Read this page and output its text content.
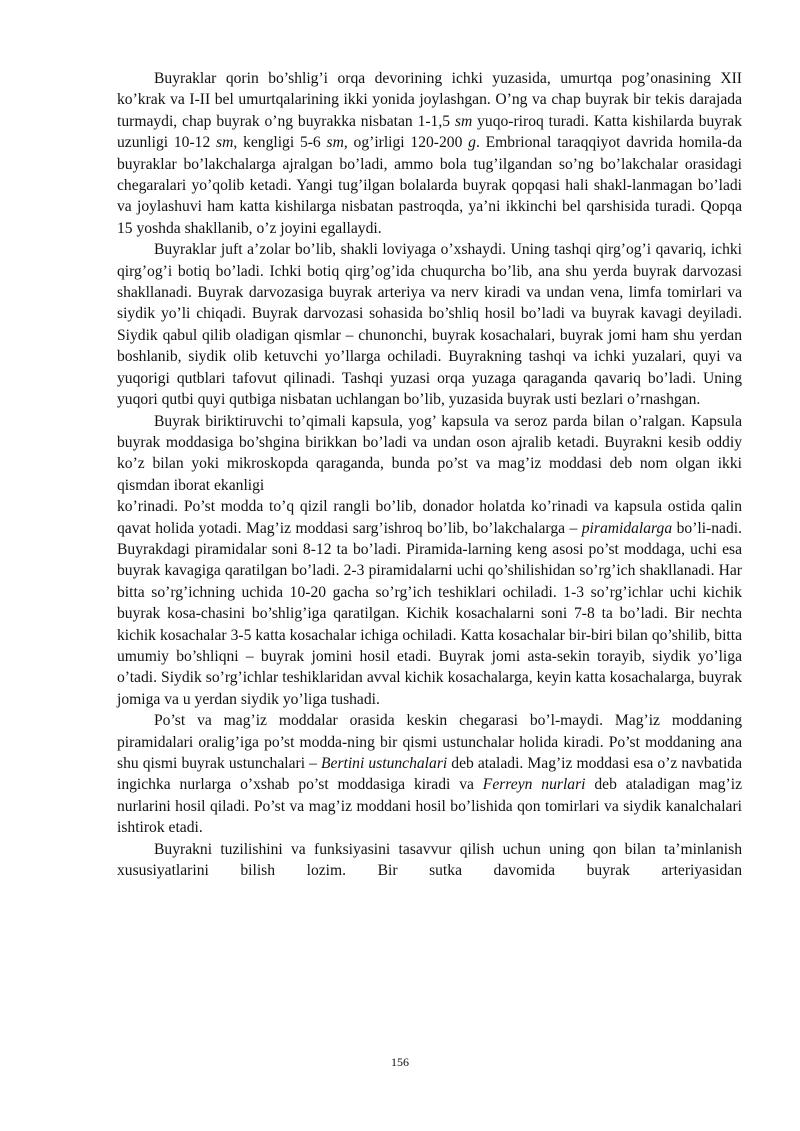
Buyraklar qorin bo’shlig’i orqa devorining ichki yuzasida, umurtqa pog’onasining XII ko’krak va I-II bel umurtqalarining ikki yonida joylashgan. O’ng va chap buyrak bir tekis darajada turmaydi, chap buyrak o’ng buyrakka nisbatan 1-1,5 sm yuqo-riroq turadi. Katta kishilarda buyrak uzunligi 10-12 sm, kengligi 5-6 sm, og’irligi 120-200 g. Embrional taraqqiyot davrida homila-da buyraklar bo’lakchalarga ajralgan bo’ladi, ammo bola tug’ilgandan so’ng bo’lakchalar orasidagi chegaralari yo’qolib ketadi. Yangi tug’ilgan bolalarda buyrak qopqasi hali shakl-lanmagan bo’ladi va joylashuvi ham katta kishilarga nisbatan pastroqda, ya’ni ikkinchi bel qarshisida turadi. Qopqa 15 yoshda shakllanib, o’z joyini egallaydi.

Buyraklar juft a’zolar bo’lib, shakli loviyaga o’xshaydi. Uning tashqi qirg’og’i qavariq, ichki qirg’og’i botiq bo’ladi. Ichki botiq qirg’og’ida chuqurcha bo’lib, ana shu yerda buyrak darvozasi shakllanadi. Buyrak darvozasiga buyrak arteriya va nerv kiradi va undan vena, limfa tomirlari va siydik yo’li chiqadi. Buyrak darvozasi sohasida bo’shliq hosil bo’ladi va buyrak kavagi deyiladi. Siydik qabul qilib oladigan qismlar – chunonchi, buyrak kosachalari, buyrak jomi ham shu yerdan boshlanib, siydik olib ketuvchi yo’llarga ochiladi. Buyrakning tashqi va ichki yuzalari, quyi va yuqorigi qutblari tafovut qilinadi. Tashqi yuzasi orqa yuzaga qaraganda qavariq bo’ladi. Uning yuqori qutbi quyi qutbiga nisbatan uchlangan bo’lib, yuzasida buyrak usti bezlari o’rnashgan.

Buyrak biriktiruvchi to’qimali kapsula, yog’ kapsula va seroz parda bilan o’ralgan. Kapsula buyrak moddasiga bo’shgina birikkan bo’ladi va undan oson ajralib ketadi. Buyrakni kesib oddiy ko’z bilan yoki mikroskopda qaraganda, bunda po’st va mag’iz moddasi deb nom olgan ikki qismdan iborat ekanligi

ko’rinadi. Po’st modda to’q qizil rangli bo’lib, donador holatda ko’rinadi va kapsula ostida qalin qavat holida yotadi. Mag’iz moddasi sarg’ishroq bo’lib, bo’lakchalarga – piramidalarga bo’li-nadi. Buyrakdagi piramidalar soni 8-12 ta bo’ladi. Piramida-larning keng asosi po’st moddaga, uchi esa buyrak kavagiga qaratilgan bo’ladi. 2-3 piramidalarni uchi qo’shilishidan so’rg’ich shakllanadi. Har bitta so’rg’ichning uchida 10-20 gacha so’rg’ich teshiklari ochiladi. 1-3 so’rg’ichlar uchi kichik buyrak kosa-chasini bo’shlig’iga qaratilgan. Kichik kosachalarni soni 7-8 ta bo’ladi. Bir nechta kichik kosachalar 3-5 katta kosachalar ichiga ochiladi. Katta kosachalar bir-biri bilan qo’shilib, bitta umumiy bo’shliqni – buyrak jomini hosil etadi. Buyrak jomi asta-sekin torayib, siydik yo’liga o’tadi. Siydik so’rg’ichlar teshiklaridan avval kichik kosachalarga, keyin katta kosachalarga, buyrak jomiga va u yerdan siydik yo’liga tushadi.

Po’st va mag’iz moddalar orasida keskin chegarasi bo’l-maydi. Mag’iz moddaning piramidalari oralig’iga po’st modda-ning bir qismi ustunchalar holida kiradi. Po’st moddaning ana shu qismi buyrak ustunchalari – Bertini ustunchalari deb ataladi. Mag’iz moddasi esa o’z navbatida ingichka nurlarga o’xshab po’st moddasiga kiradi va Ferreyn nurlari deb ataladigan mag’iz nurlarini hosil qiladi. Po’st va mag’iz moddani hosil bo’lishida qon tomirlari va siydik kanalchalari ishtirok etadi.

Buyrakni tuzilishini va funksiyasini tasavvur qilish uchun uning qon bilan ta’minlanish xususiyatlarini bilish lozim. Bir sutka davomida buyrak arteriyasidan

156
